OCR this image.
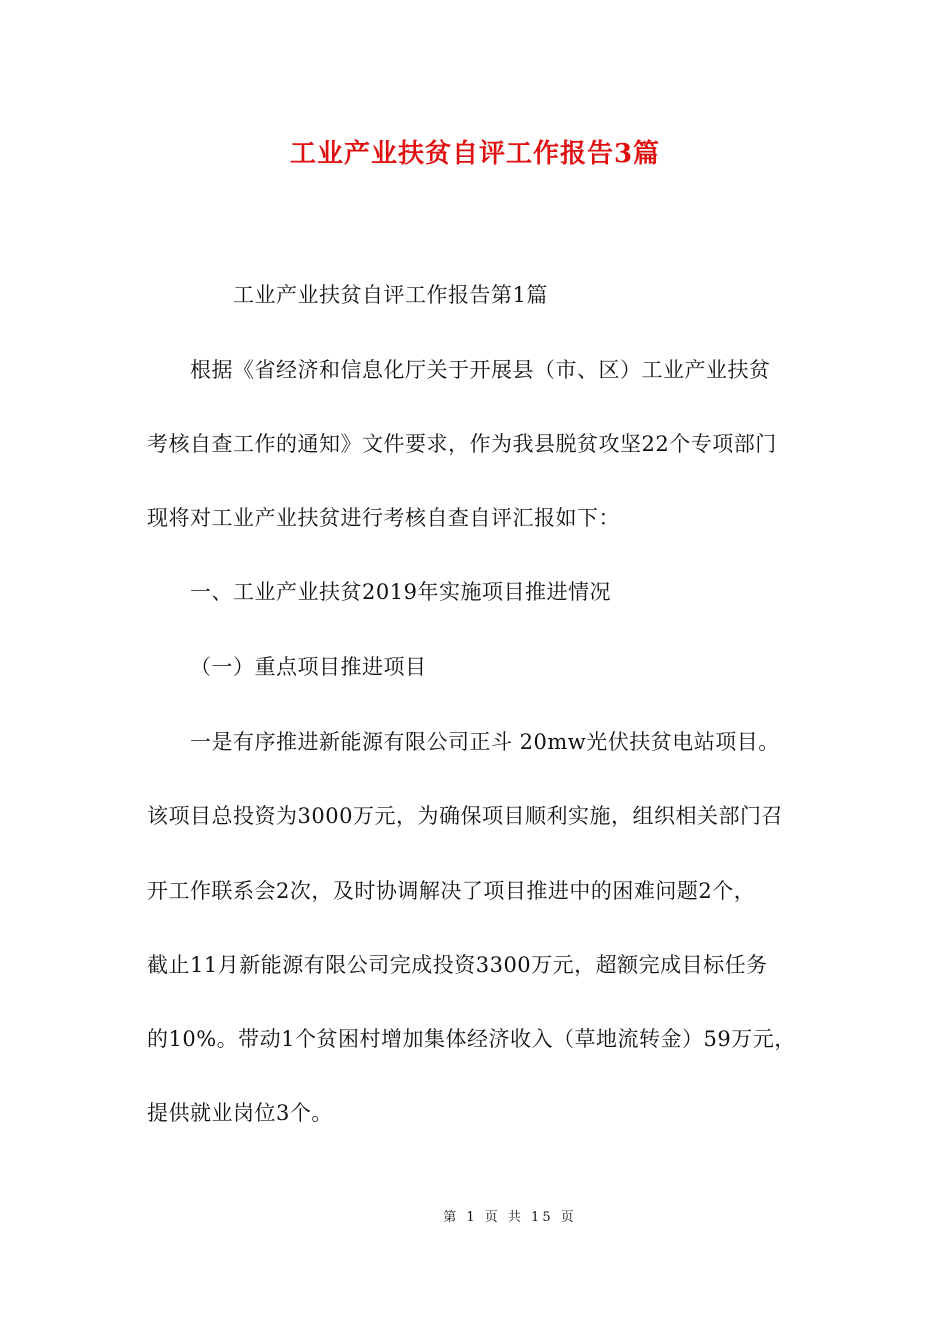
工业产业扶贫自评工作报告3篇
工业产业扶贫自评工作报告第1篇
根据《省经济和信息化厅关于开展县（市、区）工业产业扶贫
考核自查工作的通知》文件要求，作为我县脱贫攻坚22个专项部门
现将对工业产业扶贫进行考核自查自评汇报如下：
一、工业产业扶贫2019年实施项目推进情况
（一）重点项目推进项目
一是有序推进新能源有限公司正斗 20mw光伏扶贫电站项目。
该项目总投资为3000万元，为确保项目顺利实施，组织相关部门召
开工作联系会2次，及时协调解决了项目推进中的困难问题2个，
截止11月新能源有限公司完成投资3300万元，超额完成目标任务
的10%。带动1个贫困村增加集体经济收入（草地流转金）59万元，
提供就业岗位3个。
第 1 页 共 15 页
